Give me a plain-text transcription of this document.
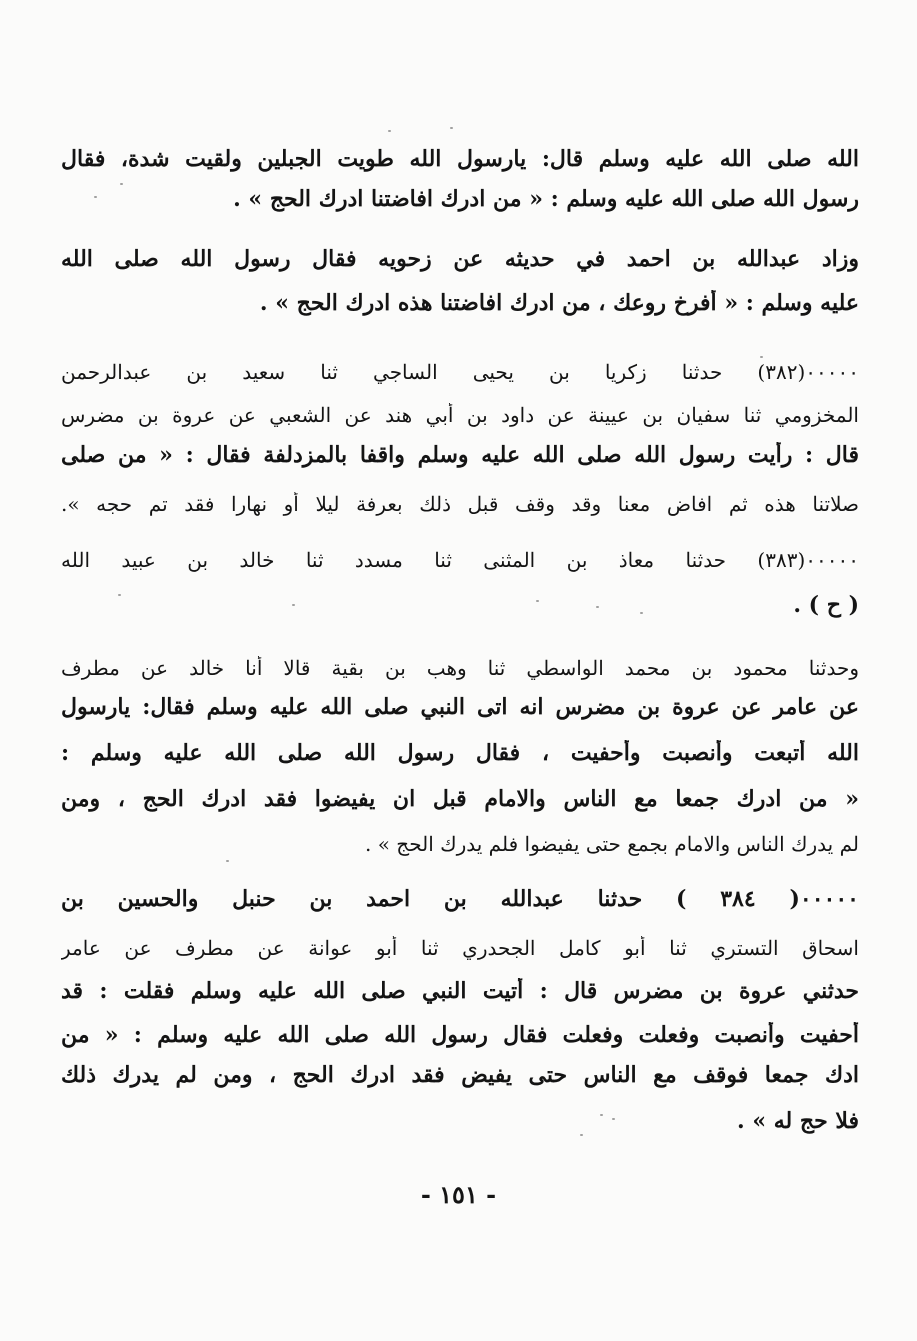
الله صلى الله عليه وسلم قال: يارسول الله طويت الجبلين ولقيت شدة، فقال
رسول الله صلى الله عليه وسلم : « من ادرك افاضتنا ادرك الحج » .
وزاد عبدالله بن احمد في حديثه عن زحويه فقال رسول الله صلى الله
عليه وسلم : « أفرخ روعك ، من ادرك افاضتنا هذه ادرك الحج » .
٠٠٠٠٠(٣٨٢) حدثنا زكريا بن يحيى الساجي ثنا سعيد بن عبدالرحمن
المخزومي ثنا سفيان بن عيينة عن داود بن أبي هند عن الشعبي عن عروة بن مضرس
قال : رأيت رسول الله صلى الله عليه وسلم واقفا بالمزدلفة فقال : « من صلى
صلاتنا هذه ثم افاض معنا وقد وقف قبل ذلك بعرفة ليلا أو نهارا فقد تم حجه ».
٠٠٠٠٠(٣٨٣) حدثنا معاذ بن المثنى ثنا مسدد ثنا خالد بن عبيد الله
( ح ) .
وحدثنا محمود بن محمد الواسطي ثنا وهب بن بقية قالا أنا خالد عن مطرف
عن عامر عن عروة بن مضرس انه اتى النبي صلى الله عليه وسلم فقال: يارسول
الله أتبعت وأنصبت وأحفيت ، فقال رسول الله صلى الله عليه وسلم :
« من ادرك جمعا مع الناس والامام قبل ان يفيضوا فقد ادرك الحج ، ومن
لم يدرك الناس والامام بجمع حتى يفيضوا فلم يدرك الحج » .
٠٠٠٠٠( ٣٨٤ ) حدثنا عبدالله بن احمد بن حنبل والحسين بن
اسحاق التستري ثنا أبو كامل الجحدري ثنا أبو عوانة عن مطرف عن عامر
حدثني عروة بن مضرس قال : أتيت النبي صلى الله عليه وسلم فقلت : قد
أحفيت وأنصبت وفعلت وفعلت فقال رسول الله صلى الله عليه وسلم : « من
ادك جمعا فوقف مع الناس حتى يفيض فقد ادرك الحج ، ومن لم يدرك ذلك
فلا حج له » .
- ١٥١ -
